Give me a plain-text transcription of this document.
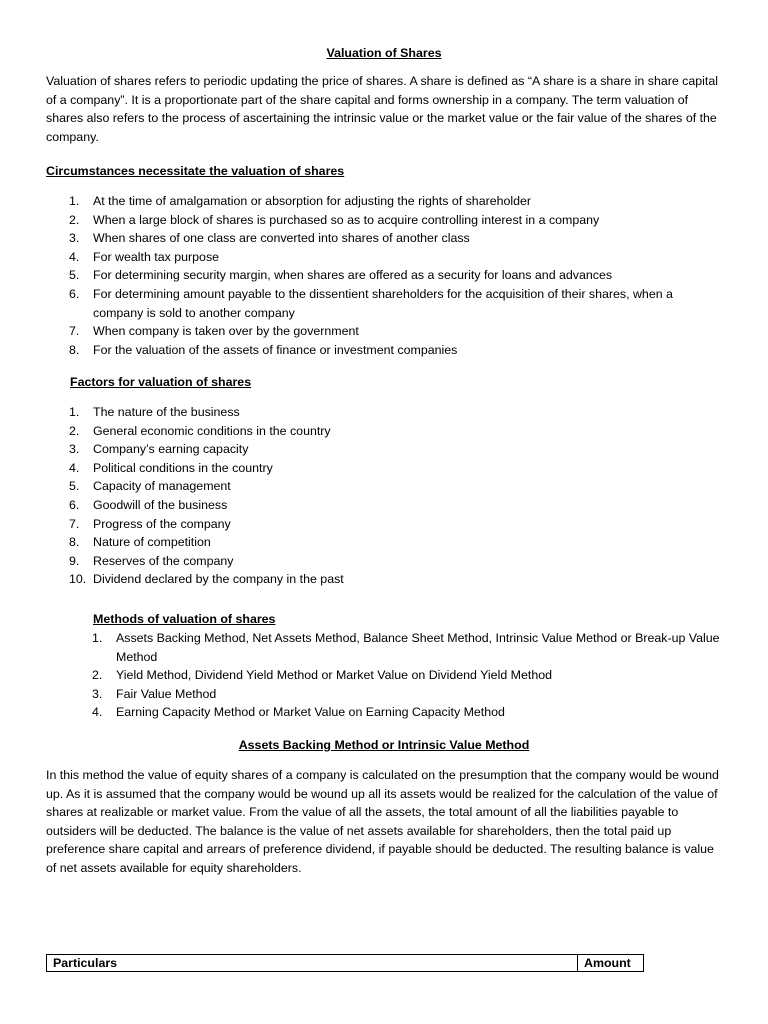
Valuation of Shares

Valuation of shares refers to periodic updating the price of shares. A share is defined as “A share is a share in share capital of a company”. It is a proportionate part of the share capital and forms ownership in a company. The term valuation of shares also refers to the process of ascertaining the intrinsic value or the market value or the fair value of the shares of the company.

Circumstances necessitate the valuation of shares
1.	At the time of amalgamation or absorption for adjusting the rights of shareholder
2.	When a large block of shares is purchased so as to acquire controlling interest in a company
3.	When shares of one class are converted into shares of another class
4.	For wealth tax purpose
5.	For determining security margin, when shares are offered as a security for loans and advances
6.	For determining amount payable to the dissentient shareholders for the acquisition of their shares, when a company is sold to another company
7.	When company is taken over by the government
8.	For the valuation of the assets of finance or investment companies
Factors for valuation of shares
1.	The nature of the business
2.	General economic conditions in the country
3.	Company’s earning capacity
4.	Political conditions in the country
5.	Capacity of management
6.	Goodwill of the business
7.	Progress of the company
8.	Nature of competition
9.	Reserves of the company
10. Dividend declared by the company in the past
Methods of valuation of shares
1.	Assets Backing Method, Net Assets Method, Balance Sheet Method, Intrinsic Value Method or Break-up Value Method
2.	Yield Method, Dividend Yield Method or Market Value on Dividend Yield Method
3.	Fair Value Method
4.	Earning Capacity Method or Market Value on Earning Capacity Method
Assets Backing Method or Intrinsic Value Method

In this method the value of equity shares of a company is calculated on the presumption that the company would be wound up. As it is assumed that the company would be wound up all its assets would be realized for the calculation of the value of shares at realizable or market value. From the value of all the assets, the total amount of all the liabilities payable to outsiders will be deducted. The balance is the value of net assets available for shareholders, then the total paid up preference share capital and arrears of preference dividend, if payable should be deducted. The resulting balance is value of net assets available for equity shareholders.

Particulars	Amount
